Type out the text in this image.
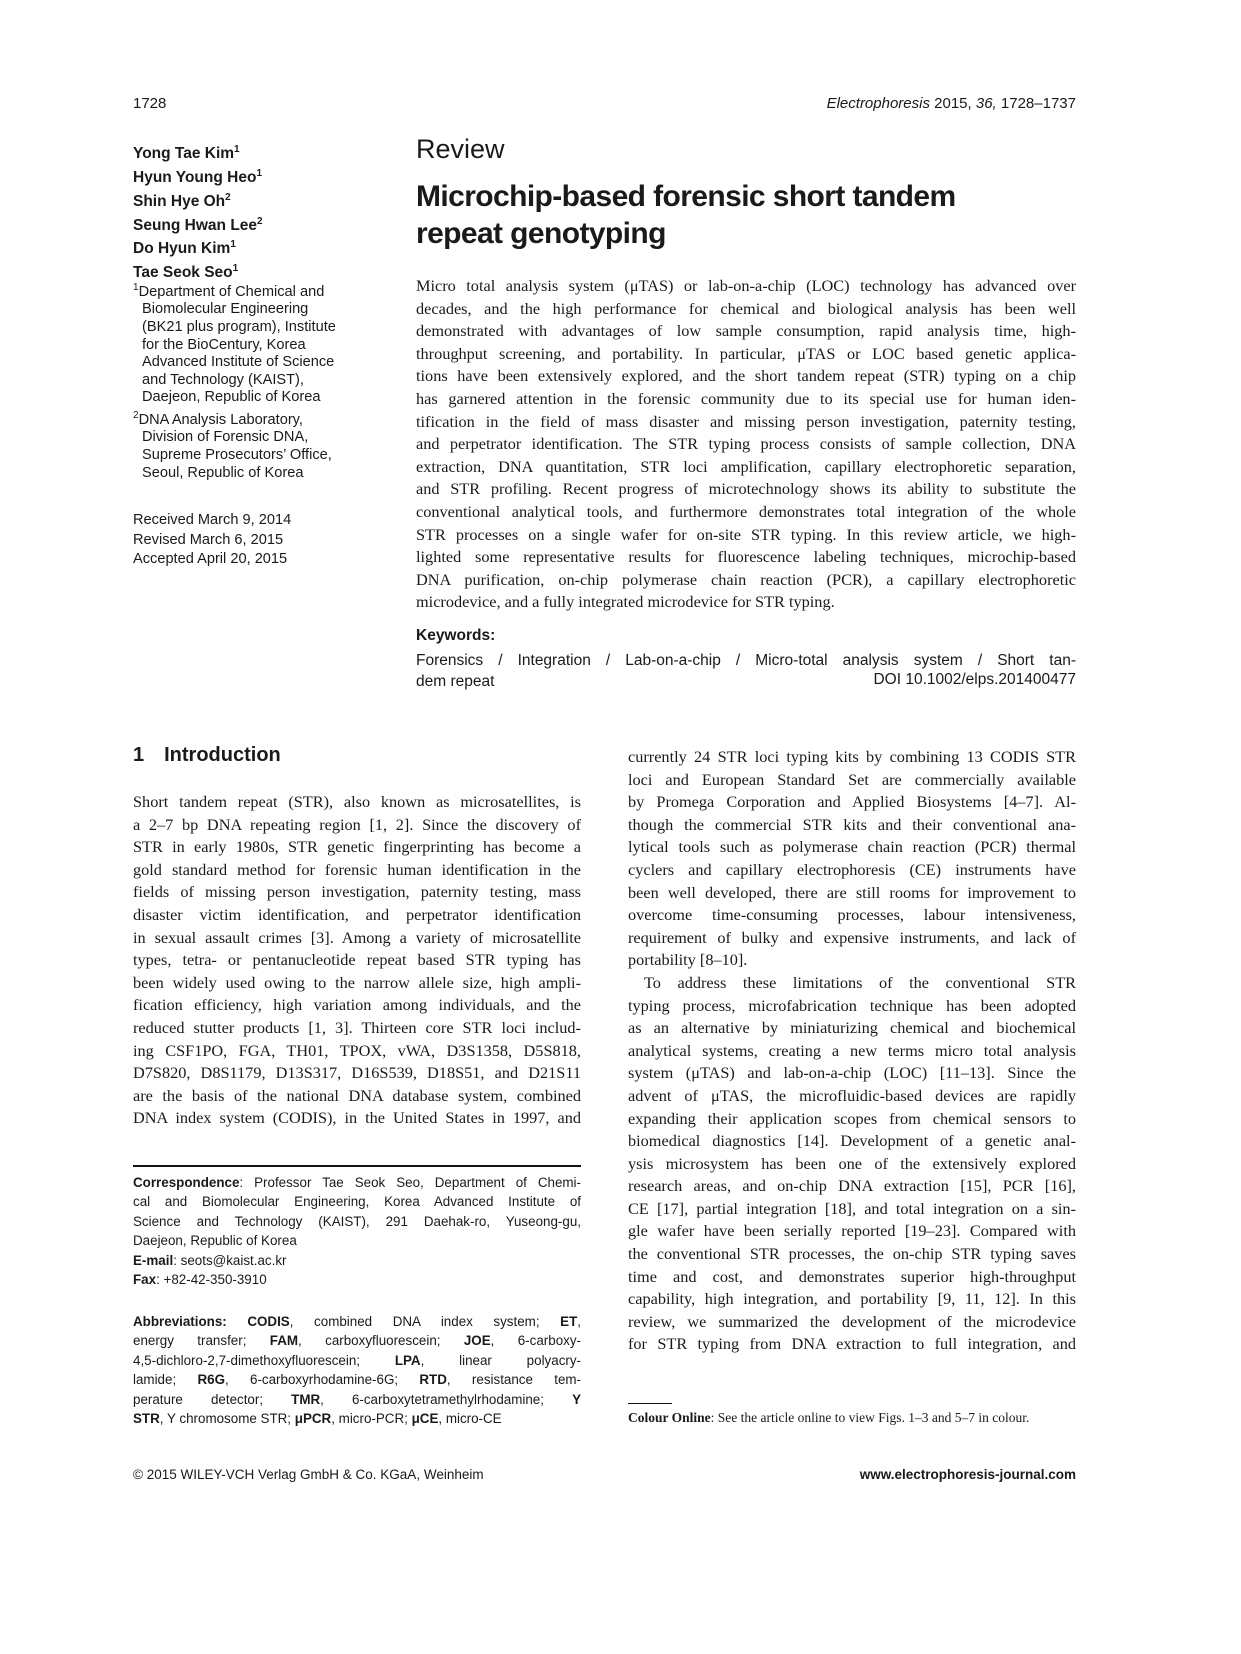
1728	Electrophoresis 2015, 36, 1728–1737
Yong Tae Kim$^1$
Hyun Young Heo$^1$
Shin Hye Oh$^2$
Seung Hwan Lee$^2$
Do Hyun Kim$^1$
Tae Seok Seo$^1$
$^1$Department of Chemical and
Biomolecular Engineering
(BK21 plus program), Institute
for the BioCentury, Korea
Advanced Institute of Science
and Technology (KAIST),
Daejeon, Republic of Korea
$^2$DNA Analysis Laboratory,
Division of Forensic DNA,
Supreme Prosecutors’ Office,
Seoul, Republic of Korea
Received March 9, 2014
Revised March 6, 2015
Accepted April 20, 2015
Review
Microchip-based forensic short tandem
repeat genotyping
Micro total analysis system (μTAS) or lab-on-a-chip (LOC) technology has advanced over
decades, and the high performance for chemical and biological analysis has been well
demonstrated with advantages of low sample consumption, rapid analysis time, high-
throughput screening, and portability. In particular, μTAS or LOC based genetic applica-
tions have been extensively explored, and the short tandem repeat (STR) typing on a chip
has garnered attention in the forensic community due to its special use for human iden-
tification in the field of mass disaster and missing person investigation, paternity testing,
and perpetrator identification. The STR typing process consists of sample collection, DNA
extraction, DNA quantitation, STR loci amplification, capillary electrophoretic separation,
and STR profiling. Recent progress of microtechnology shows its ability to substitute the
conventional analytical tools, and furthermore demonstrates total integration of the whole
STR processes on a single wafer for on-site STR typing. In this review article, we high-
lighted some representative results for fluorescence labeling techniques, microchip-based
DNA purification, on-chip polymerase chain reaction (PCR), a capillary electrophoretic
microdevice, and a fully integrated microdevice for STR typing.
Keywords:
Forensics / Integration / Lab-on-a-chip / Micro-total analysis system / Short tan-
dem repeat	DOI 10.1002/elps.201400477
1 Introduction
Short tandem repeat (STR), also known as microsatellites, is
a 2–7 bp DNA repeating region [1, 2]. Since the discovery of
STR in early 1980s, STR genetic fingerprinting has become a
gold standard method for forensic human identification in the
fields of missing person investigation, paternity testing, mass
disaster victim identification, and perpetrator identification
in sexual assault crimes [3]. Among a variety of microsatellite
types, tetra- or pentanucleotide repeat based STR typing has
been widely used owing to the narrow allele size, high ampli-
fication efficiency, high variation among individuals, and the
reduced stutter products [1, 3]. Thirteen core STR loci includ-
ing CSF1PO, FGA, TH01, TPOX, vWA, D3S1358, D5S818,
D7S820, D8S1179, D13S317, D16S539, D18S51, and D21S11
are the basis of the national DNA database system, combined
DNA index system (CODIS), in the United States in 1997, and
currently 24 STR loci typing kits by combining 13 CODIS STR
loci and European Standard Set are commercially available
by Promega Corporation and Applied Biosystems [4–7]. Al-
though the commercial STR kits and their conventional ana-
lytical tools such as polymerase chain reaction (PCR) thermal
cyclers and capillary electrophoresis (CE) instruments have
been well developed, there are still rooms for improvement to
overcome time-consuming processes, labour intensiveness,
requirement of bulky and expensive instruments, and lack of
portability [8–10].
To address these limitations of the conventional STR
typing process, microfabrication technique has been adopted
as an alternative by miniaturizing chemical and biochemical
analytical systems, creating a new terms micro total analysis
system (μTAS) and lab-on-a-chip (LOC) [11–13]. Since the
advent of μTAS, the microfluidic-based devices are rapidly
expanding their application scopes from chemical sensors to
biomedical diagnostics [14]. Development of a genetic anal-
ysis microsystem has been one of the extensively explored
research areas, and on-chip DNA extraction [15], PCR [16],
CE [17], partial integration [18], and total integration on a sin-
gle wafer have been serially reported [19–23]. Compared with
the conventional STR processes, the on-chip STR typing saves
time and cost, and demonstrates superior high-throughput
capability, high integration, and portability [9, 11, 12]. In this
review, we summarized the development of the microdevice
for STR typing from DNA extraction to full integration, and
Correspondence: Professor Tae Seok Seo, Department of Chemi-
cal and Biomolecular Engineering, Korea Advanced Institute of
Science and Technology (KAIST), 291 Daehak-ro, Yuseong-gu,
Daejeon, Republic of Korea
E-mail: seots@kaist.ac.kr
Fax: +82-42-350-3910
Abbreviations: CODIS, combined DNA index system; ET,
energy transfer; FAM, carboxyfluorescein; JOE, 6-carboxy-
4,5-dichloro-2,7-dimethoxyfluorescein; LPA, linear polyacry-
lamide; R6G, 6-carboxyrhodamine-6G; RTD, resistance tem-
perature detector; TMR, 6-carboxytetramethylrhodamine; Y
STR, Y chromosome STR; μPCR, micro-PCR; μCE, micro-CE	Colour Online: See the article online to view Figs. 1–3 and 5–7 in colour.
© 2015 WILEY-VCH Verlag GmbH & Co. KGaA, Weinheim	www.electrophoresis-journal.com
